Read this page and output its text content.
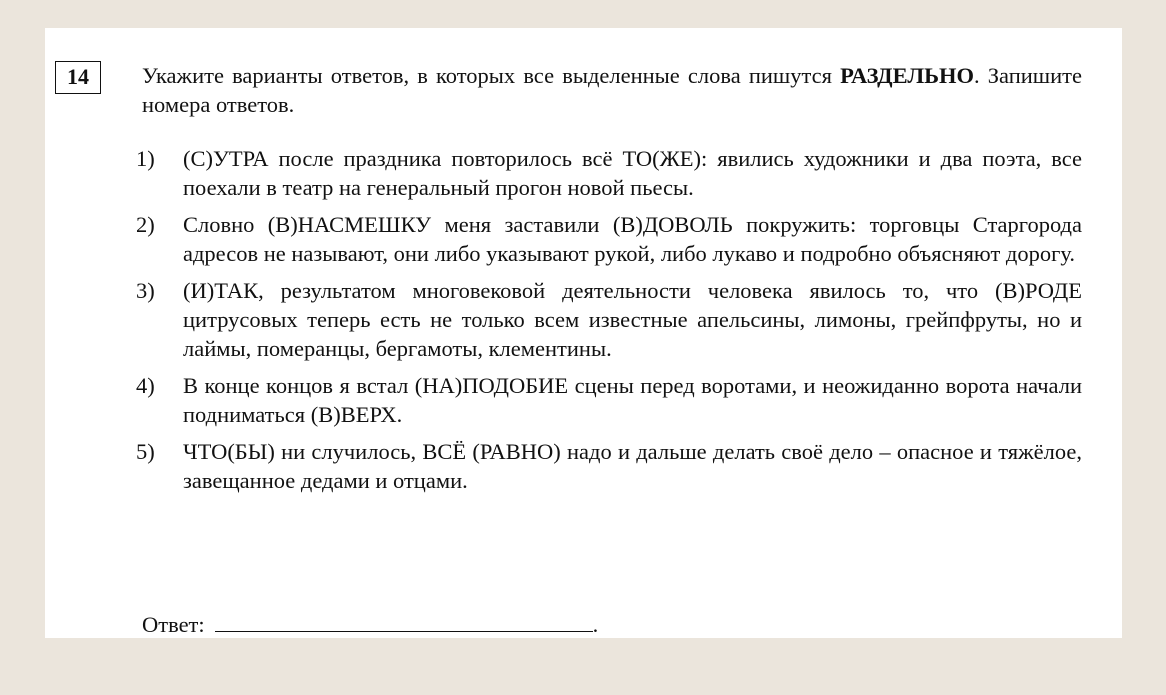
14	Укажите варианты ответов, в которых все выделенные слова пишутся РАЗДЕЛЬНО. Запишите номера ответов.
1) (С)УТРА после праздника повторилось всё ТО(ЖЕ): явились художники и два поэта, все поехали в театр на генеральный прогон новой пьесы.
2) Словно (В)НАСМЕШКУ меня заставили (В)ДОВОЛЬ покружить: торговцы Старгорода адресов не называют, они либо указывают рукой, либо лукаво и подробно объясняют дорогу.
3) (И)ТАК, результатом многовековой деятельности человека явилось то, что (В)РОДЕ цитрусовых теперь есть не только всем известные апельсины, лимоны, грейпфруты, но и лаймы, померанцы, бергамоты, клементины.
4) В конце концов я встал (НА)ПОДОБИЕ сцены перед воротами, и неожиданно ворота начали подниматься (В)ВЕРХ.
5) ЧТО(БЫ) ни случилось, ВСЁ (РАВНО) надо и дальше делать своё дело – опасное и тяжёлое, завещанное дедами и отцами.
Ответ:	.
